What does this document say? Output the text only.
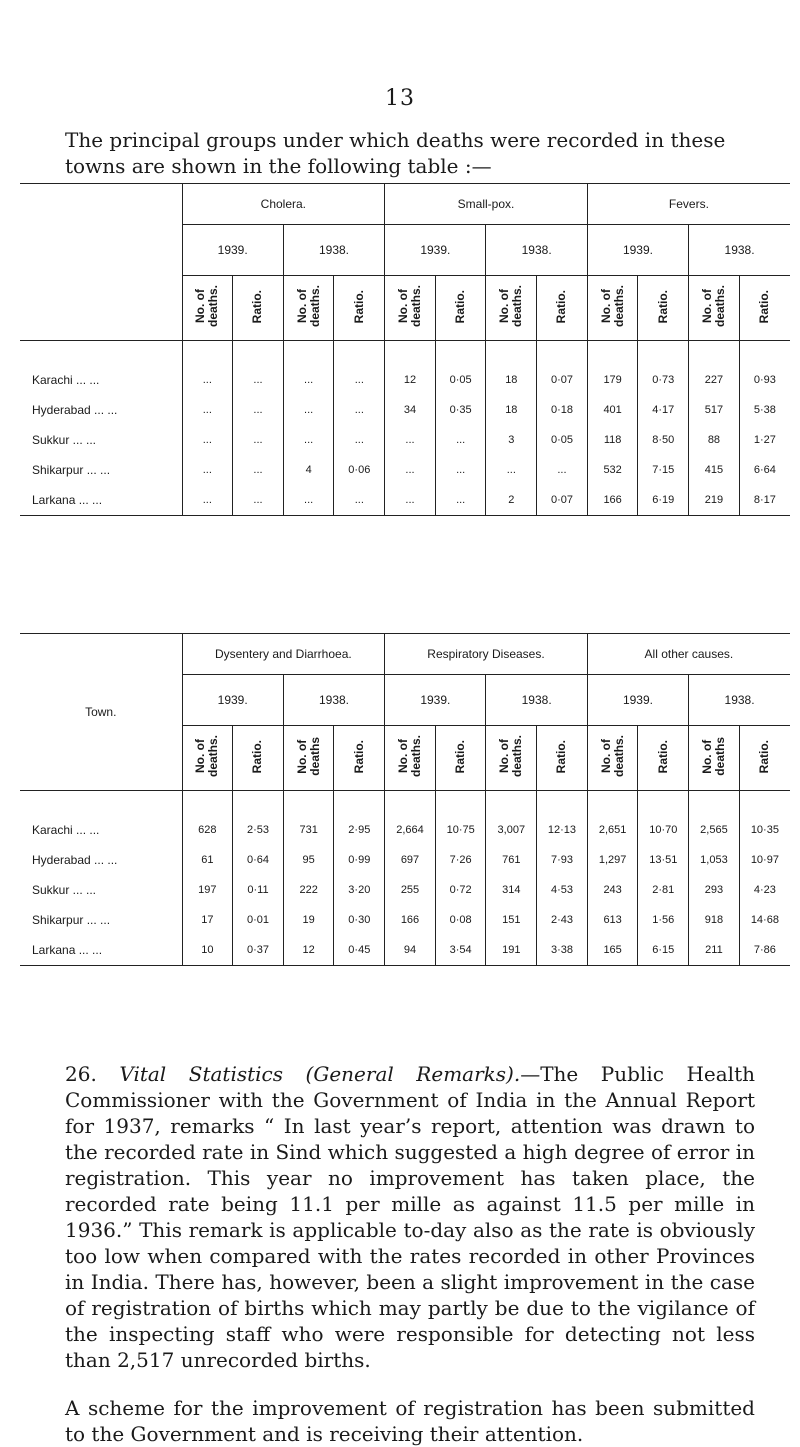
13
The principal groups under which deaths were recorded in these towns are shown in the following table :—
	Cholera.				Small-pox.				Fevers.			
	1939.		1938.		1939.		1938.		1939.		1938.	
	No. of
deaths.	Ratio.	No. of
deaths.	Ratio.	No. of
deaths.	Ratio.	No. of
deaths.	Ratio.	No. of
deaths.	Ratio.	No. of
deaths.	Ratio.

Karachi ... ...	...	...	...	...	12	0·05	18	0·07	179	0·73	227	0·93
Hyderabad ... ...	...	...	...	...	34	0·35	18	0·18	401	4·17	517	5·38
Sukkur ... ...	...	...	...	...	...	...	3	0·05	118	8·50	88	1·27
Shikarpur ... ...	...	...	4	0·06	...	...	...	...	532	7·15	415	6·64
Larkana ... ...	...	...	...	...	...	...	2	0·07	166	6·19	219	8·17
Town.	Dysentery and Diarrhoea.				Respiratory Diseases.				All other causes.			
	1939.		1938.		1939.		1938.		1939.		1938.	
	No. of
deaths.	Ratio.	No. of
deaths	Ratio.	No. of
deaths.	Ratio.	No. of
deaths.	Ratio.	No. of
deaths.	Ratio.	No. of
deaths	Ratio.

Karachi ... ...	628	2·53	731	2·95	2,664	10·75	3,007	12·13	2,651	10·70	2,565	10·35
Hyderabad ... ...	61	0·64	95	0·99	697	7·26	761	7·93	1,297	13·51	1,053	10·97
Sukkur ... ...	197	0·11	222	3·20	255	0·72	314	4·53	243	2·81	293	4·23
Shikarpur ... ...	17	0·01	19	0·30	166	0·08	151	2·43	613	1·56	918	14·68
Larkana ... ...	10	0·37	12	0·45	94	3·54	191	3·38	165	6·15	211	7·86

26. Vital Statistics (General Remarks).—The Public Health Commissioner with the Government of India in the Annual Report for 1937, remarks “ In last year’s report, attention was drawn to the recorded rate in Sind which suggested a high degree of error in registration. This year no improvement has taken place, the recorded rate being 11.1 per mille as against 11.5 per mille in 1936.” This remark is applicable to-day also as the rate is obviously too low when compared with the rates recorded in other Provinces in India. There has, however, been a slight improvement in the case of registration of births which may partly be due to the vigilance of the inspecting staff who were responsible for detecting not less than 2,517 unrecorded births.

A scheme for the improvement of registration has been submitted to the Government and is receiving their attention.
